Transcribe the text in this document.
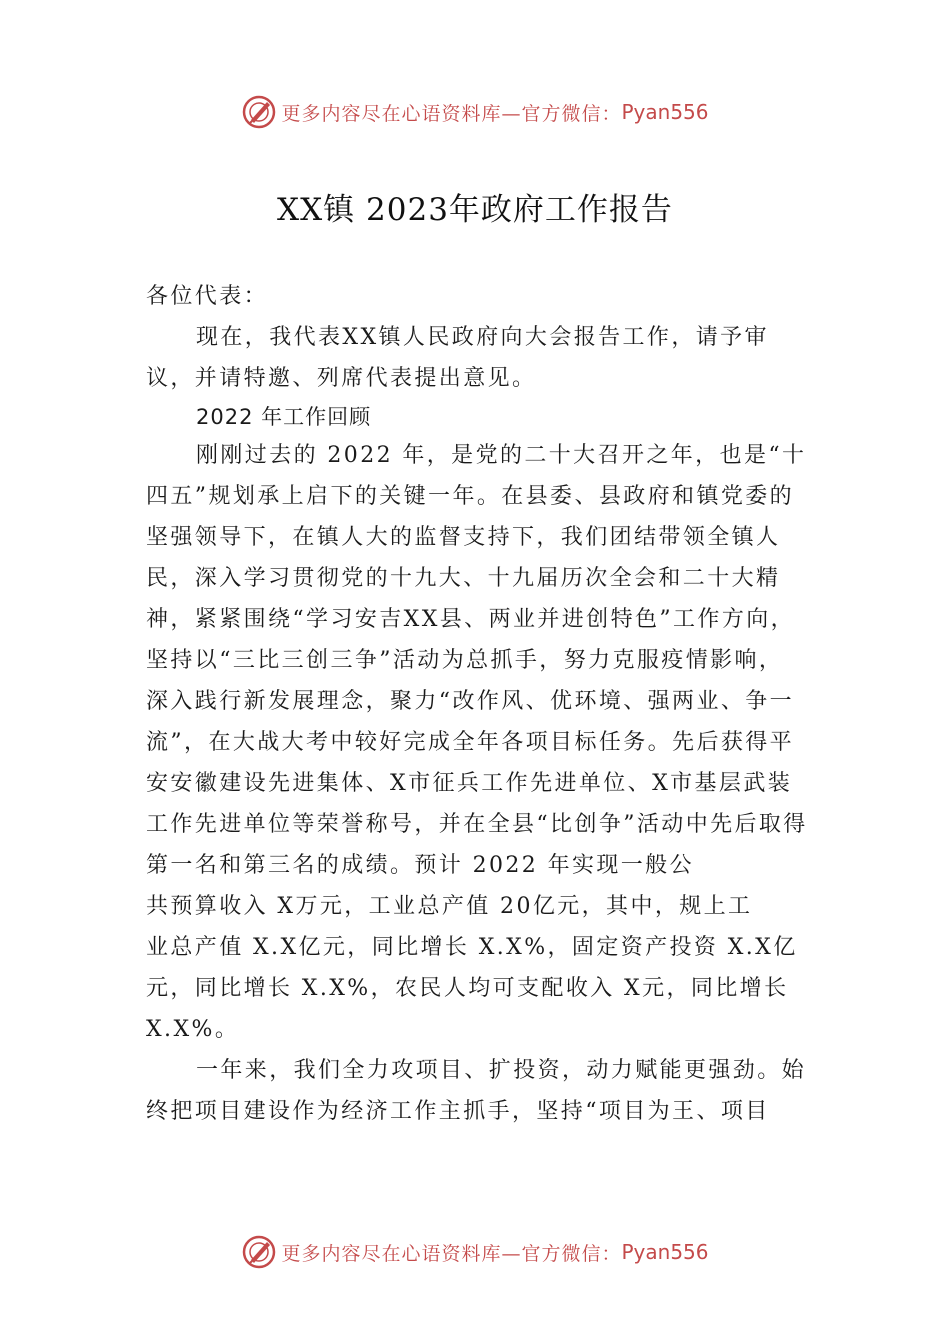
更多内容尽在心语资料库—官方微信： Pyan556
XX镇 2023年政府工作报告

各位代表：

现在，我代表XX镇人民政府向大会报告工作，请予审议，并请特邀、列席代表提出意见。

2022 年工作回顾

刚刚过去的 2022 年，是党的二十大召开之年，也是“十四五”规划承上启下的关键一年。在县委、县政府和镇党委的坚强领导下，在镇人大的监督支持下，我们团结带领全镇人民，深入学习贯彻党的十九大、十九届历次全会和二十大精神，紧紧围绕“学习安吉XX县、两业并进创特色”工作方向， 坚持以“三比三创三争”活动为总抓手，努力克服疫情影响， 深入践行新发展理念，聚力“改作风、优环境、强两业、争一 流”，在大战大考中较好完成全年各项目标任务。先后获得平安安徽建设先进集体、X市征兵工作先进单位、X市基层武装工作先进单位等荣誉称号，并在全县“比创争”活动中先后取得第一名和第三名的成绩。预计 2022 年实现一般公

共预算收入 X万元，工业总产值 20亿元，其中，规上工

业总产值 X.X亿元，同比增长 X.X%，固定资产投资 X.X亿元，同比增长 X.X%，农民人均可支配收入 X元，同比增长 X.X%。

一年来，我们全力攻项目、扩投资，动力赋能更强劲。始终把项目建设作为经济工作主抓手，坚持“项目为王、项目

更多内容尽在心语资料库—官方微信： Pyan556
